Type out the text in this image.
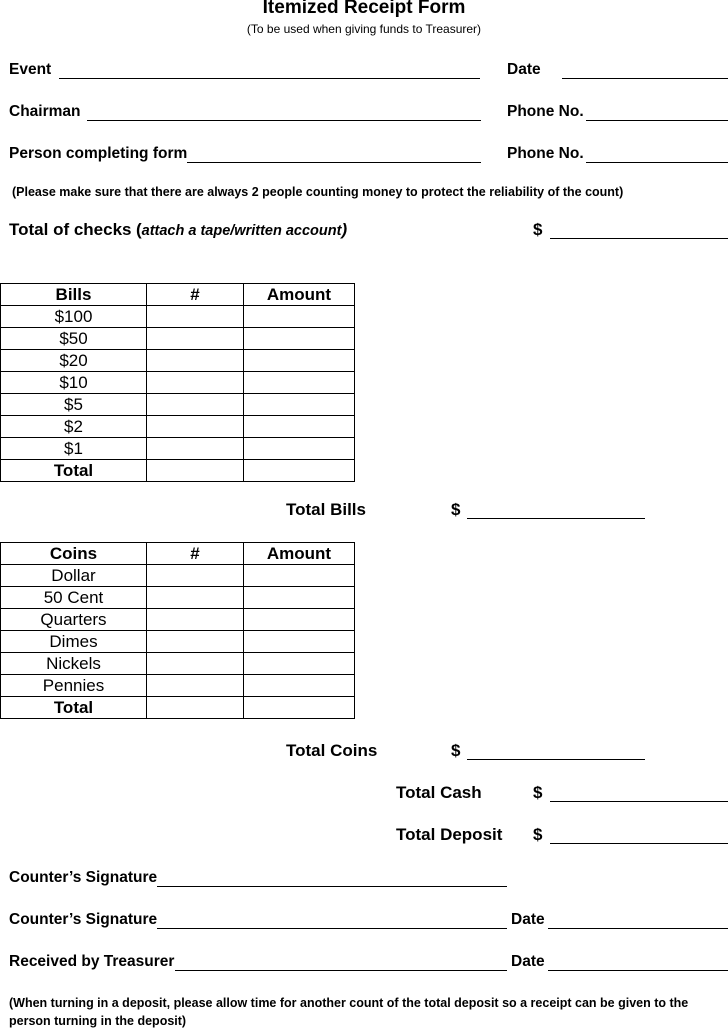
Itemized Receipt Form
(To be used when giving funds to Treasurer)
Event	Date
Chairman	Phone No.
Person completing form	Phone No.
(Please make sure that there are always 2 people counting money to protect the reliability of the count)
Total of checks (attach a tape/written account)	$
Bills	#	Amount
$100		
$50		
$20		
$10		
$5		
$2		
$1		
Total		
Total Bills	$
Coins	#	Amount
Dollar		
50 Cent		
Quarters		
Dimes		
Nickels		
Pennies		
Total		
Total Coins	$
Total Cash	$
Total Deposit $
Counter’s Signature
Counter’s Signature	Date
Received by Treasurer	Date
(When turning in a deposit, please allow time for another count of the total deposit so a receipt can be given to the person turning in the deposit)
